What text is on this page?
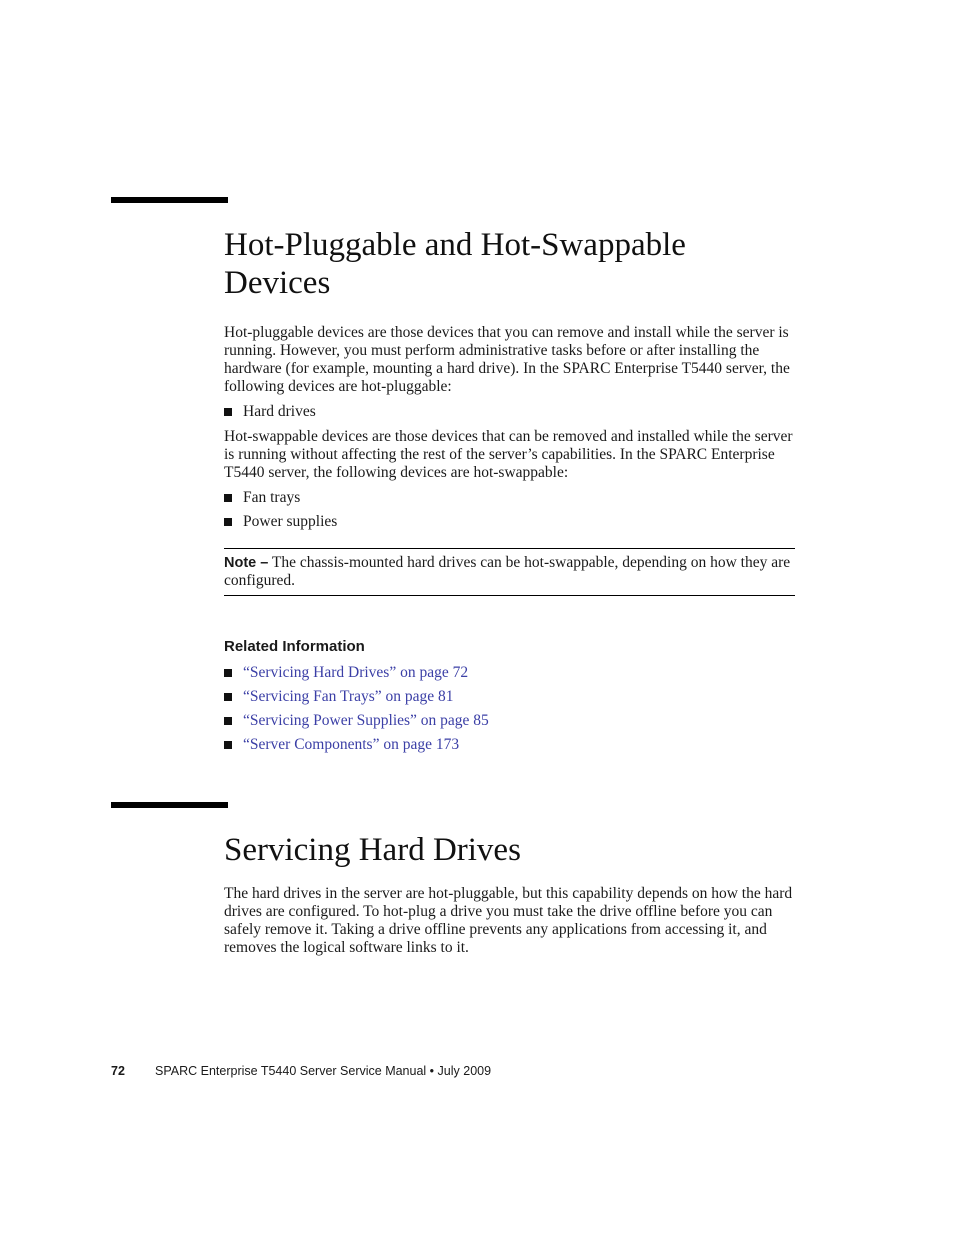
Hot-Pluggable and Hot-Swappable
Devices

Hot-pluggable devices are those devices that you can remove and install while the server is running. However, you must perform administrative tasks before or after installing the hardware (for example, mounting a hard drive). In the SPARC Enterprise T5440 server, the following devices are hot-pluggable:

Hard drives

Hot-swappable devices are those devices that can be removed and installed while the server is running without affecting the rest of the server’s capabilities. In the SPARC Enterprise T5440 server, the following devices are hot-swappable:

Fan trays
Power supplies
Note – The chassis-mounted hard drives can be hot-swappable, depending on how they are configured.
Related Information
“Servicing Hard Drives” on page 72
“Servicing Fan Trays” on page 81
“Servicing Power Supplies” on page 85
“Server Components” on page 173
Servicing Hard Drives

The hard drives in the server are hot-pluggable, but this capability depends on how the hard drives are configured. To hot-plug a drive you must take the drive offline before you can safely remove it. Taking a drive offline prevents any applications from accessing it, and removes the logical software links to it.

72 SPARC Enterprise T5440 Server Service Manual • July 2009
